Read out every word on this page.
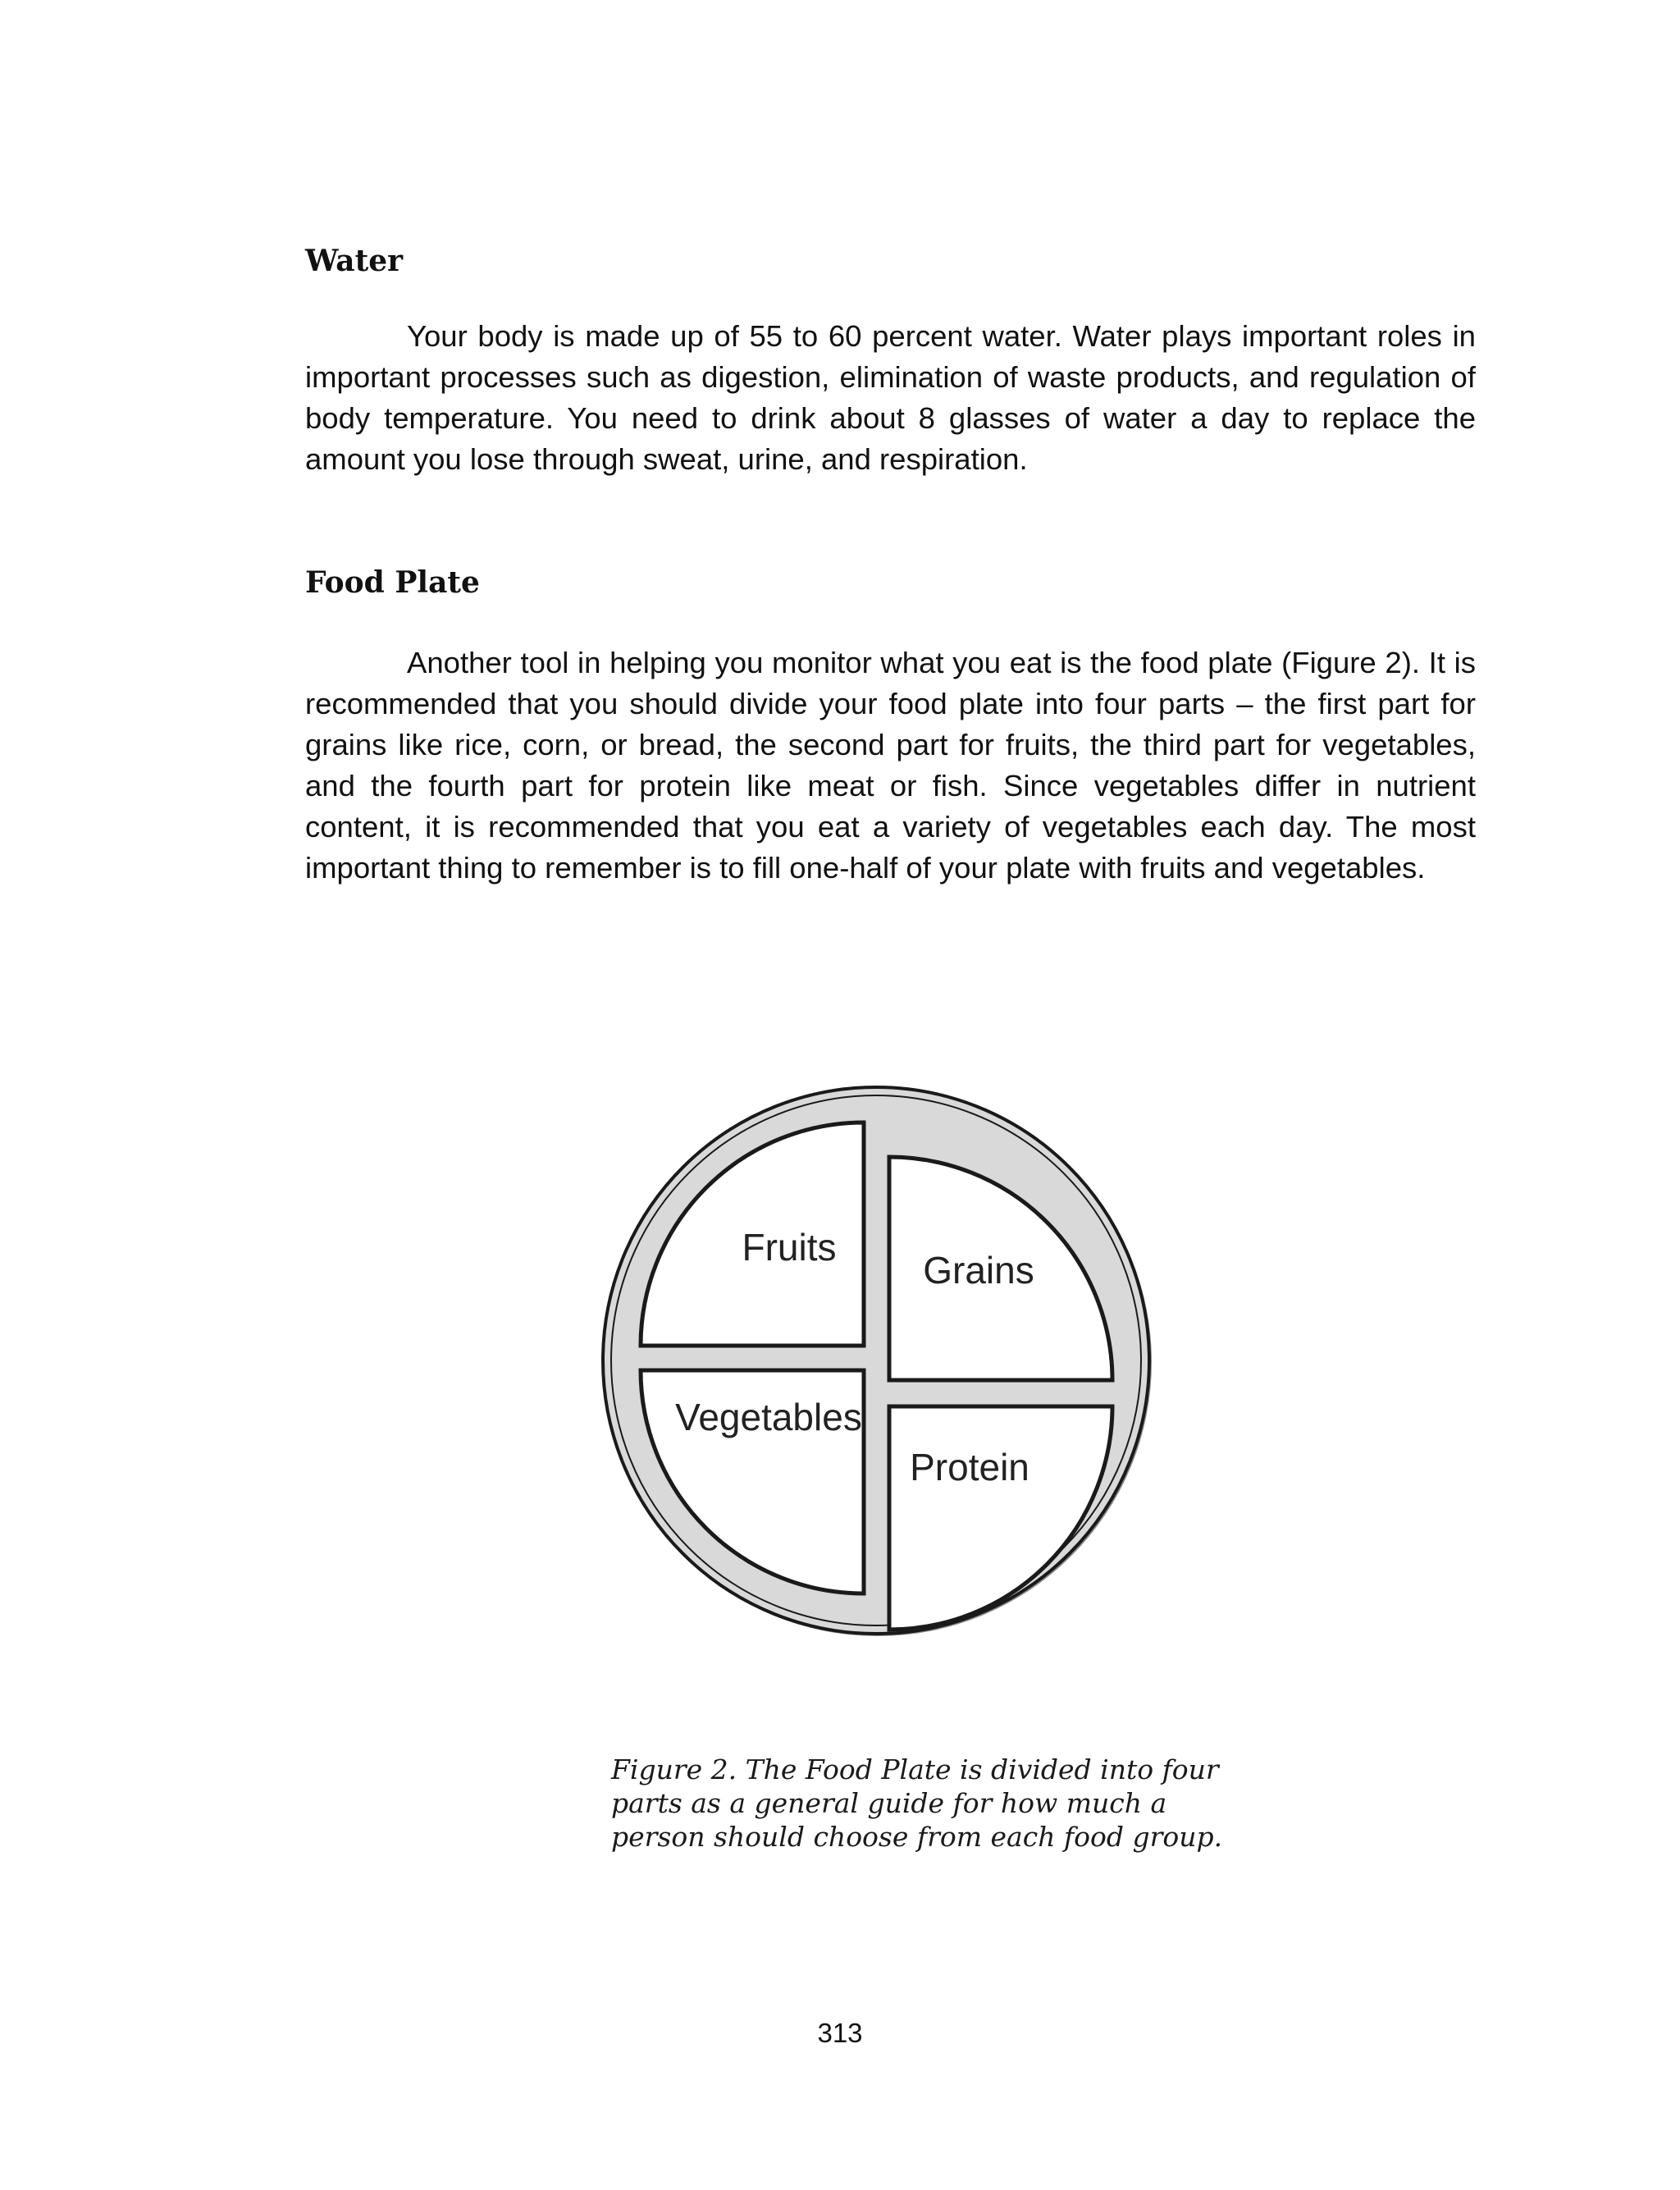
Water

Your body is made up of 55 to 60 percent water. Water plays important roles in important processes such as digestion, elimination of waste products, and regulation of body temperature. You need to drink about 8 glasses of water a day to replace the amount you lose through sweat, urine, and respiration.

Food Plate

Another tool in helping you monitor what you eat is the food plate (Figure 2). It is recommended that you should divide your food plate into four parts – the first part for grains like rice, corn, or bread, the second part for fruits, the third part for vegetables, and the fourth part for protein like meat or fish. Since vegetables differ in nutrient content, it is recommended that you eat a variety of vegetables each day. The most important thing to remember is to fill one-half of your plate with fruits and vegetables.

Fruits
Grains
Vegetables
Protein

Figure 2. The Food Plate is divided into four
parts as a general guide for how much a
person should choose from each food group.

313
